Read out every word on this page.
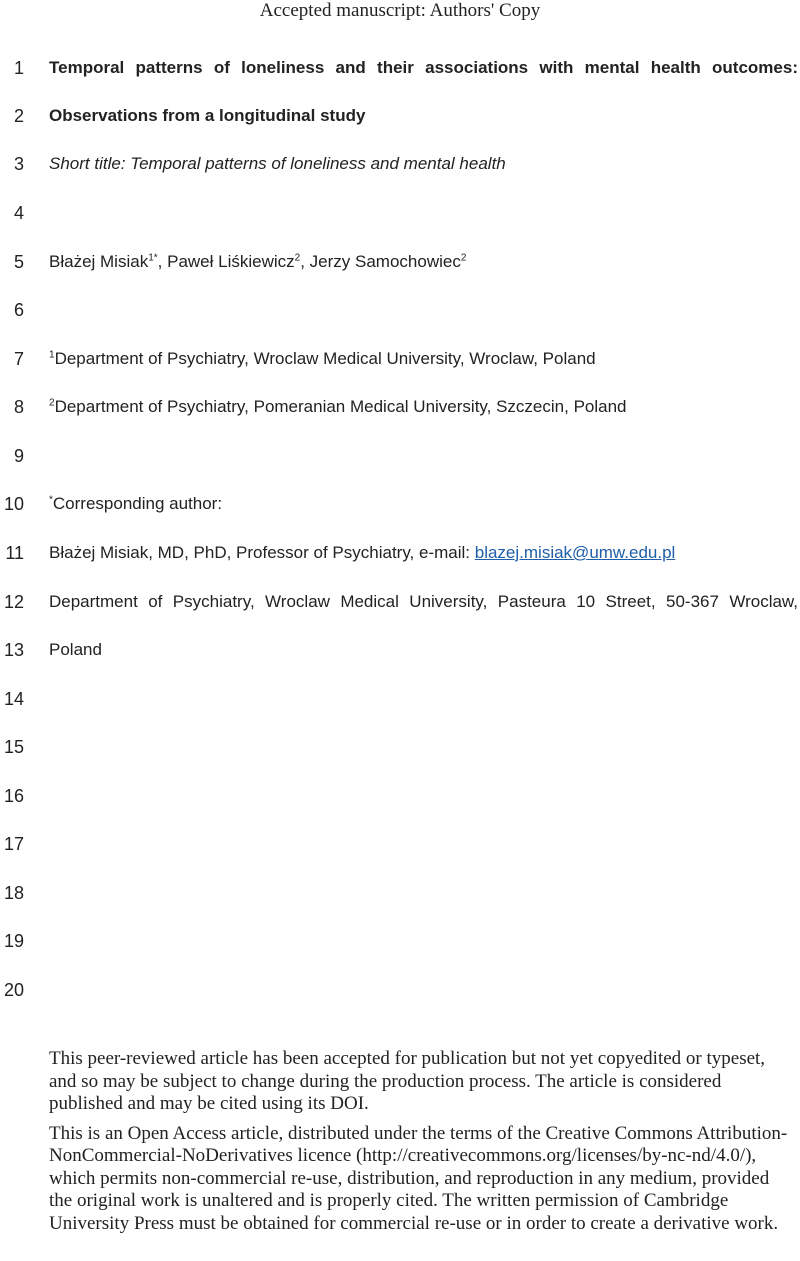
Accepted manuscript: Authors' Copy
1
2
3
4
5
6
7
8
9
10
11
12
13
14
15
16
17
18
19
20
Temporal patterns of loneliness and their associations with mental health outcomes:
Observations from a longitudinal study
Short title: Temporal patterns of loneliness and mental health
Błażej Misiak$^{1*}$, Paweł Liśkiewicz$^2$, Jerzy Samochowiec$^2$
$^1$Department of Psychiatry, Wroclaw Medical University, Wroclaw, Poland
$^2$Department of Psychiatry, Pomeranian Medical University, Szczecin, Poland
*Corresponding author:
Błażej Misiak, MD, PhD, Professor of Psychiatry, e-mail: blazej.misiak@umw.edu.pl
Department of Psychiatry, Wroclaw Medical University, Pasteura 10 Street, 50-367 Wroclaw,
Poland

This peer-reviewed article has been accepted for publication but not yet copyedited or typeset, and so may be subject to change during the production process. The article is considered published and may be cited using its DOI.

This is an Open Access article, distributed under the terms of the Creative Commons Attribution-NonCommercial-NoDerivatives licence (http://creativecommons.org/licenses/by-nc-nd/4.0/), which permits non-commercial re-use, distribution, and reproduction in any medium, provided the original work is unaltered and is properly cited. The written permission of Cambridge University Press must be obtained for commercial re-use or in order to create a derivative work.
